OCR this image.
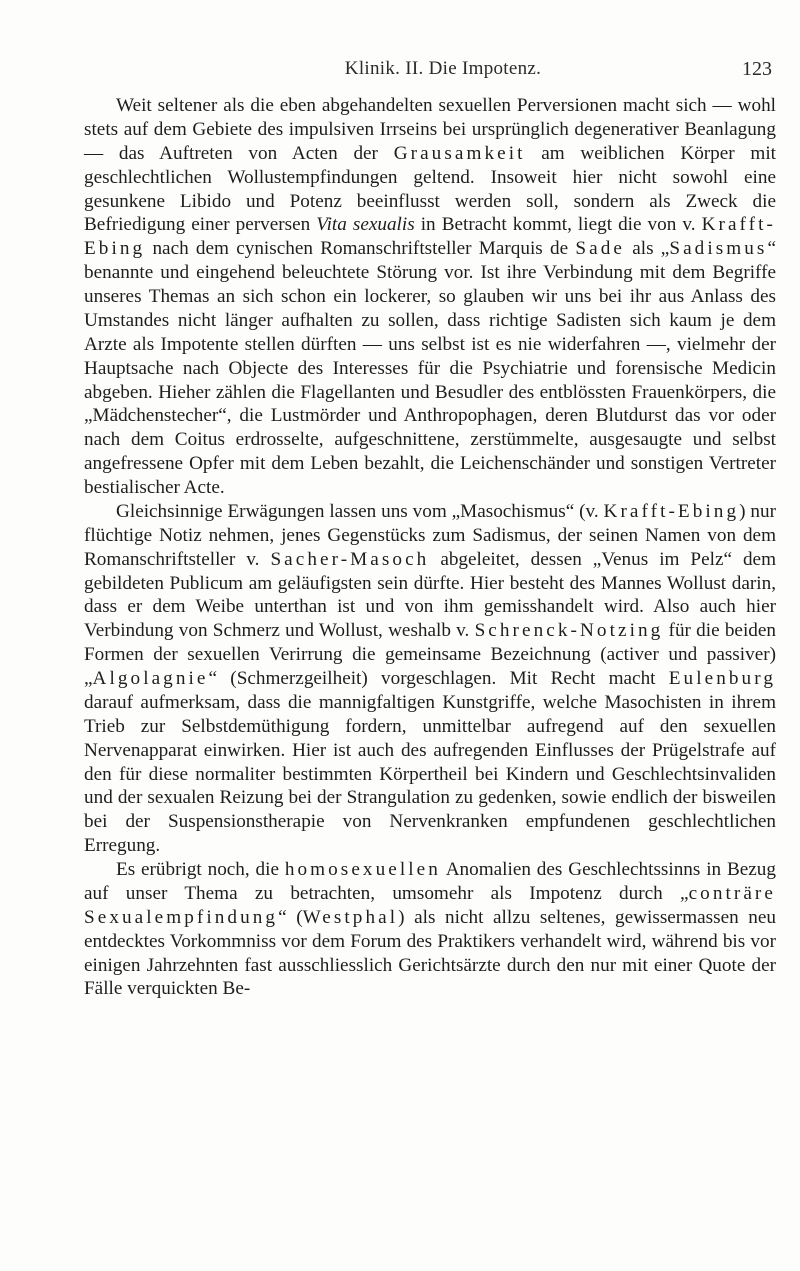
Klinik. II. Die Impotenz.	123

Weit seltener als die eben abgehandelten sexuellen Perversionen macht sich — wohl stets auf dem Gebiete des impulsiven Irrseins bei ursprünglich degenerativer Beanlagung — das Auftreten von Acten der Grausamkeit am weiblichen Körper mit geschlechtlichen Wollustempfindungen geltend. Insoweit hier nicht sowohl eine gesunkene Libido und Potenz beeinflusst werden soll, sondern als Zweck die Befriedigung einer perversen Vita sexualis in Betracht kommt, liegt die von v. Krafft-Ebing nach dem cynischen Romanschriftsteller Marquis de Sade als „Sadismus“ benannte und eingehend beleuchtete Störung vor. Ist ihre Verbindung mit dem Begriffe unseres Themas an sich schon ein lockerer, so glauben wir uns bei ihr aus Anlass des Umstandes nicht länger aufhalten zu sollen, dass richtige Sadisten sich kaum je dem Arzte als Impotente stellen dürften — uns selbst ist es nie widerfahren —, vielmehr der Hauptsache nach Objecte des Interesses für die Psychiatrie und forensische Medicin abgeben. Hieher zählen die Flagellanten und Besudler des entblössten Frauenkörpers, die „Mädchenstecher“, die Lustmörder und Anthropophagen, deren Blutdurst das vor oder nach dem Coitus erdrosselte, aufgeschnittene, zerstümmelte, ausgesaugte und selbst angefressene Opfer mit dem Leben bezahlt, die Leichenschänder und sonstigen Vertreter bestialischer Acte.

Gleichsinnige Erwägungen lassen uns vom „Masochismus“ (v. Krafft-Ebing) nur flüchtige Notiz nehmen, jenes Gegenstücks zum Sadismus, der seinen Namen von dem Romanschriftsteller v. Sacher-Masoch abgeleitet, dessen „Venus im Pelz“ dem gebildeten Publicum am geläufigsten sein dürfte. Hier besteht des Mannes Wollust darin, dass er dem Weibe unterthan ist und von ihm gemisshandelt wird. Also auch hier Verbindung von Schmerz und Wollust, weshalb v. Schrenck-Notzing für die beiden Formen der sexuellen Verirrung die gemeinsame Bezeichnung (activer und passiver) „Algolagnie“ (Schmerzgeilheit) vorgeschlagen. Mit Recht macht Eulenburg darauf aufmerksam, dass die mannigfaltigen Kunstgriffe, welche Masochisten in ihrem Trieb zur Selbstdemüthigung fordern, unmittelbar aufregend auf den sexuellen Nervenapparat einwirken. Hier ist auch des aufregenden Einflusses der Prügelstrafe auf den für diese normaliter bestimmten Körpertheil bei Kindern und Geschlechtsinvaliden und der sexualen Reizung bei der Strangulation zu gedenken, sowie endlich der bisweilen bei der Suspensionstherapie von Nervenkranken empfundenen geschlechtlichen Erregung.

Es erübrigt noch, die homosexuellen Anomalien des Geschlechtssinns in Bezug auf unser Thema zu betrachten, umsomehr als Impotenz durch „conträre Sexualempfindung“ (Westphal) als nicht allzu seltenes, gewissermassen neu entdecktes Vorkommniss vor dem Forum des Praktikers verhandelt wird, während bis vor einigen Jahrzehnten fast ausschliesslich Gerichtsärzte durch den nur mit einer Quote der Fälle verquickten Be-
